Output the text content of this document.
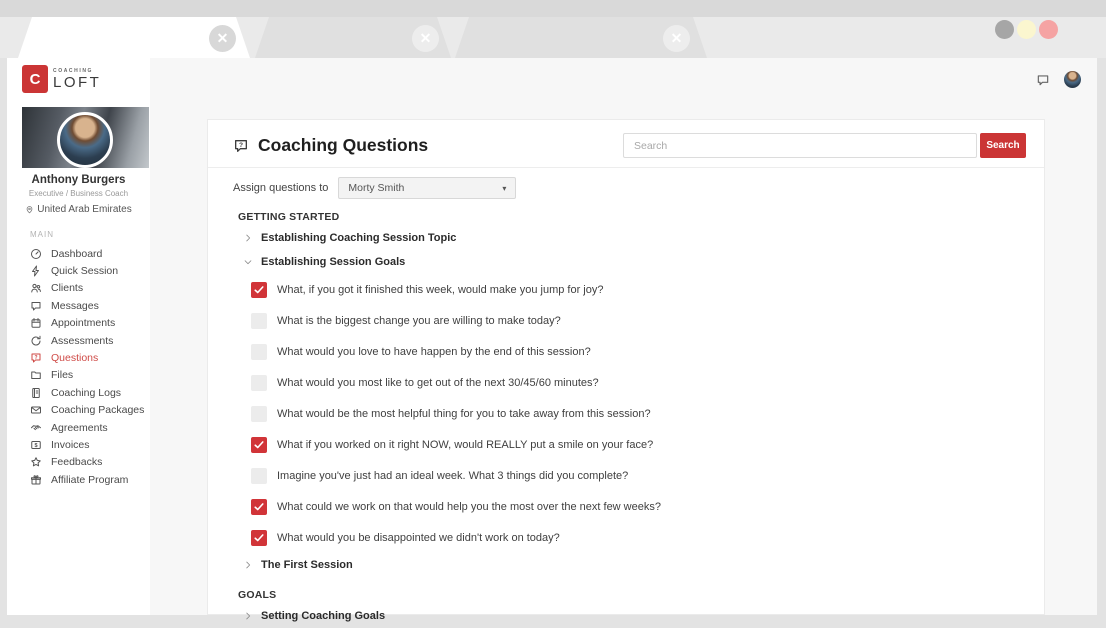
✕	✕	✕
C	COACHING
LOFT
Anthony Burgers
Executive / Business Coach
United Arab Emirates
MAIN
Dashboard
Quick Session
Clients
Messages
Appointments
Assessments
? Questions
Files
Coaching Logs
Coaching Packages
Agreements
$ Invoices
Feedbacks
Affiliate Program
? Coaching Questions
Search	Search
Assign questions to Morty Smith	▾
GETTING STARTED
Establishing Coaching Session Topic
Establishing Session Goals
What, if you got it finished this week, would make you jump for joy?
What is the biggest change you are willing to make today?
What would you love to have happen by the end of this session?
What would you most like to get out of the next 30/45/60 minutes?
What would be the most helpful thing for you to take away from this session?
What if you worked on it right NOW, would REALLY put a smile on your face?
Imagine you've just had an ideal week. What 3 things did you complete?
What could we work on that would help you the most over the next few weeks?
What would you be disappointed we didn't work on today?
The First Session
GOALS
Setting Coaching Goals
